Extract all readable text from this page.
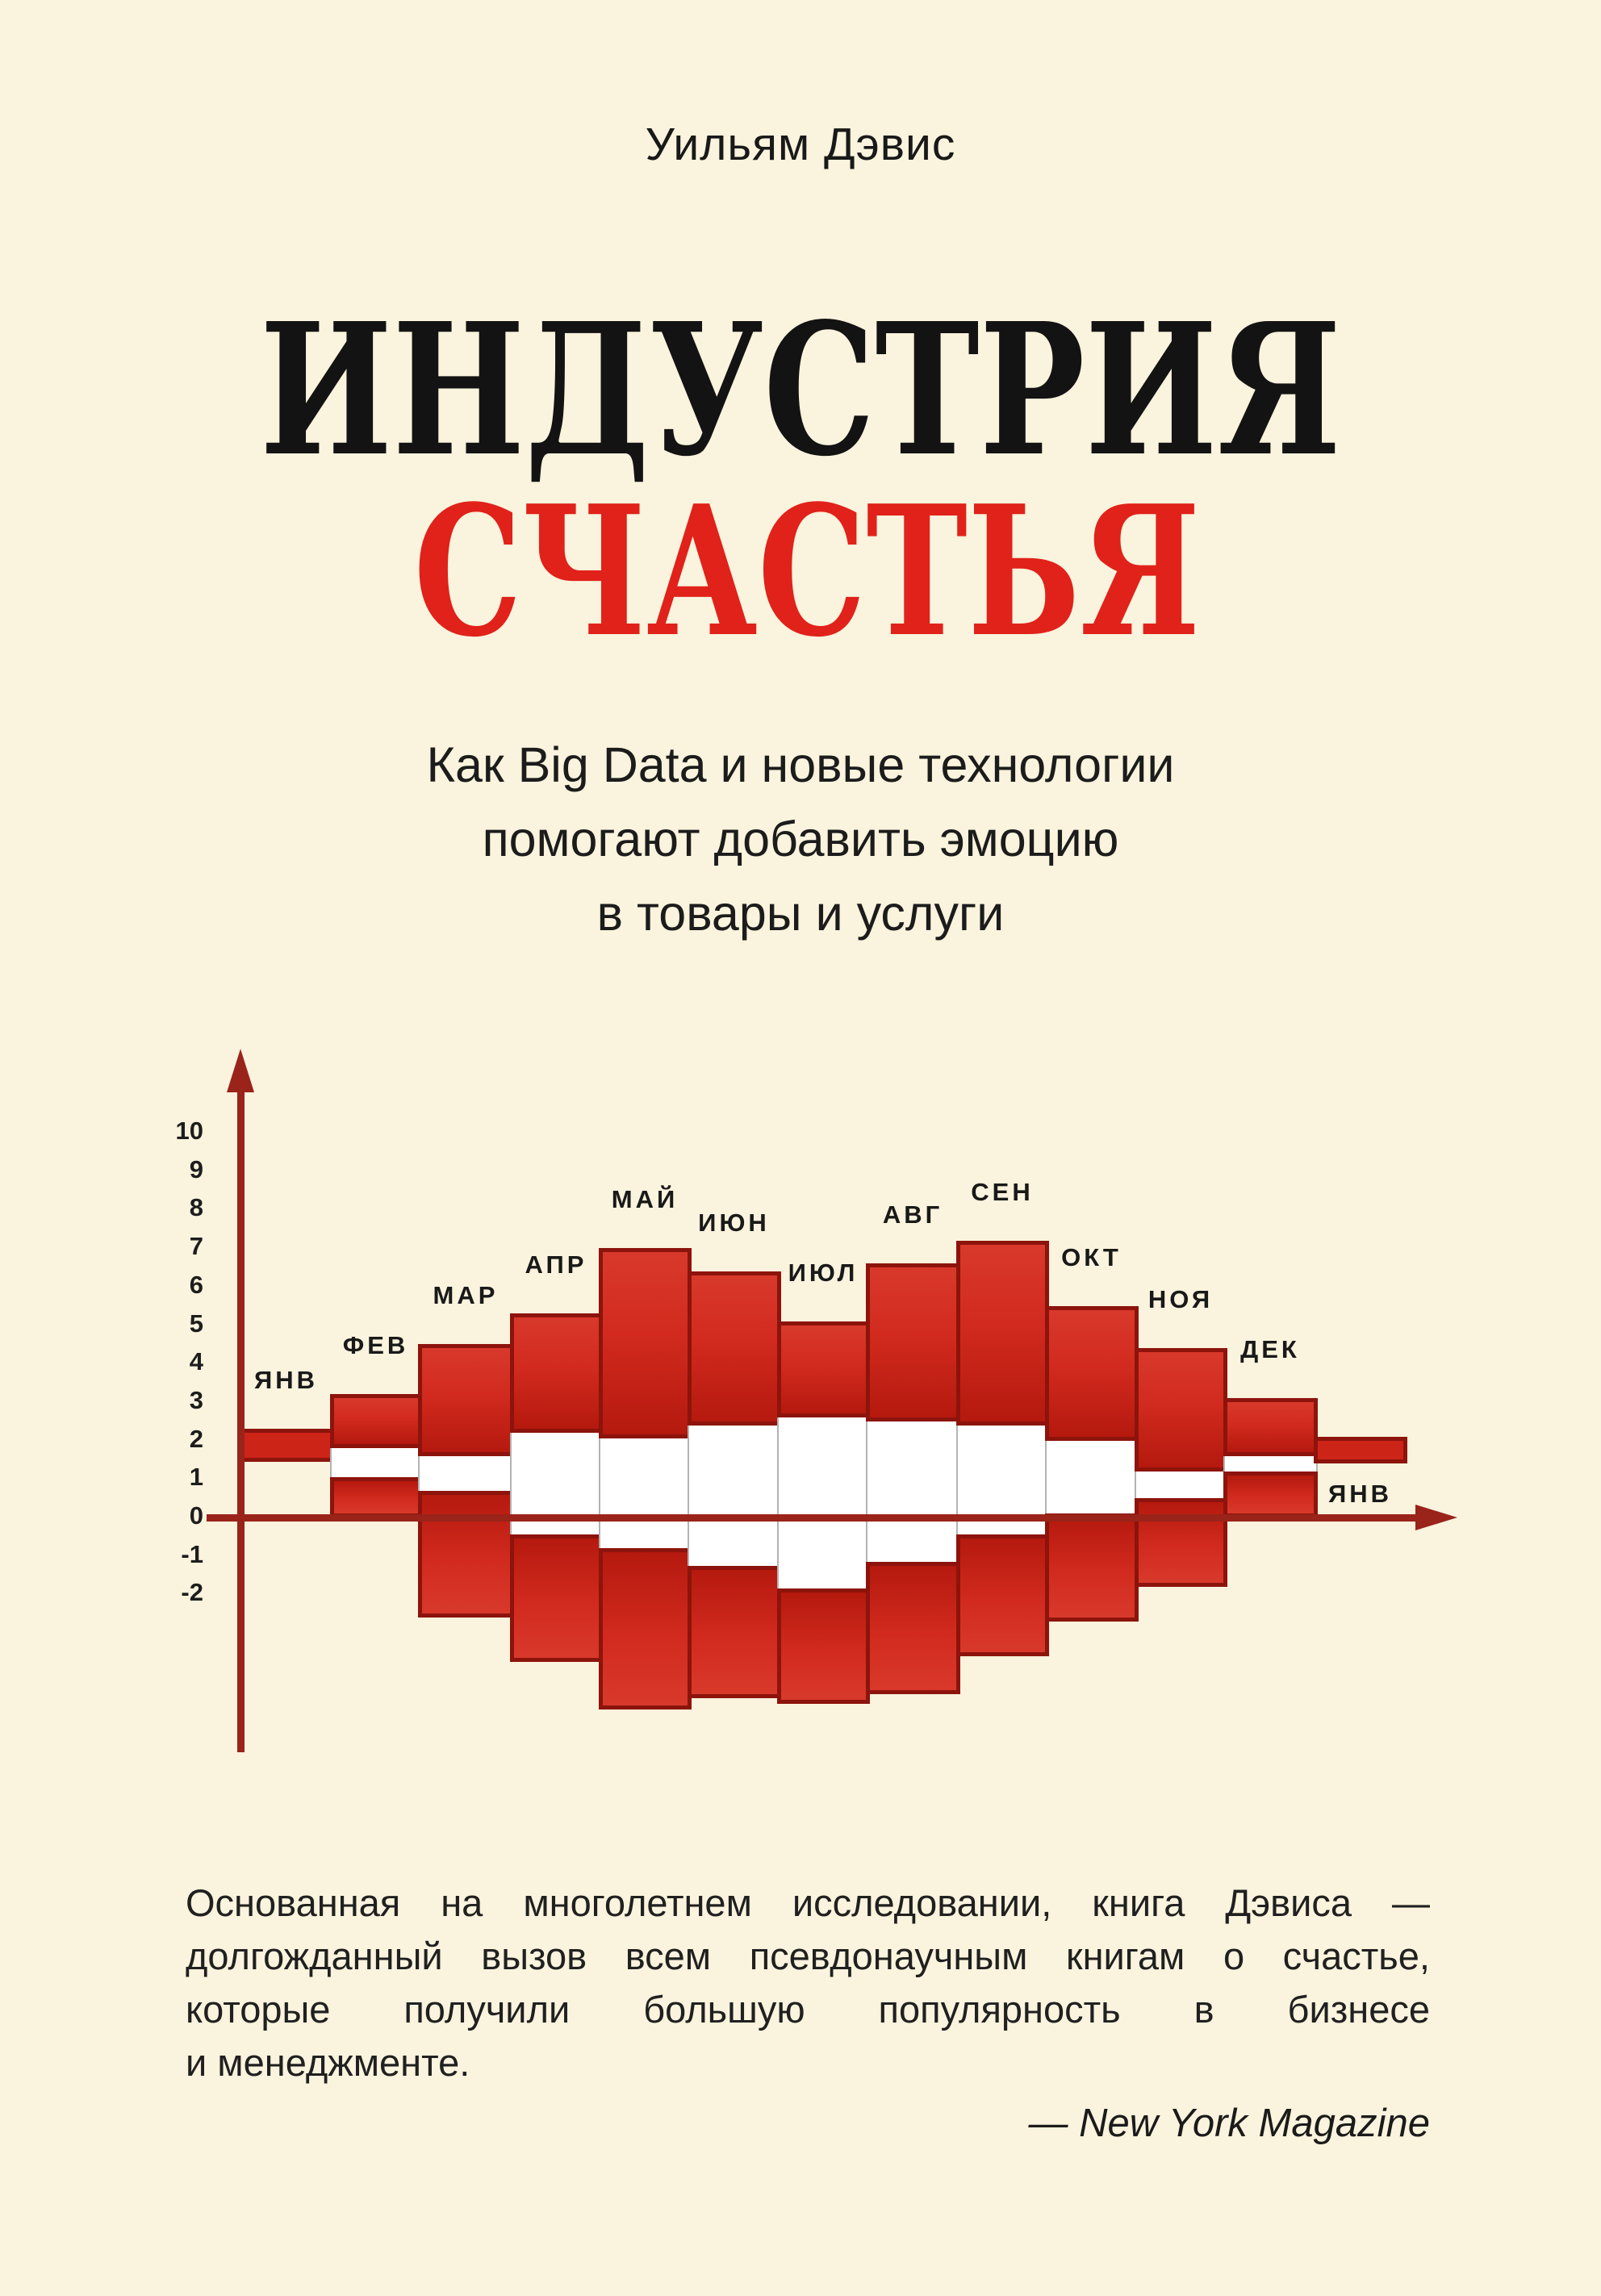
Уильям Дэвис
ИНДУСТРИЯ
СЧАСТЬЯ
Как Big Data и новые технологии
помогают добавить эмоцию
в товары и услуги
10
9
8
7
6
5
4
3
2
1
0
-1
-2
ЯНВ
ФЕВ
МАР
АПР
МАЙ
ИЮН
ИЮЛ
АВГ
СЕН
ОКТ
НОЯ
ДЕК
ЯНВ
Основанная на многолетнем исследовании, книга Дэвиса —
долгожданный вызов всем псевдонаучным книгам о счастье,
которые получили большую популярность в бизнесе
и менеджменте.
— New York Magazine
